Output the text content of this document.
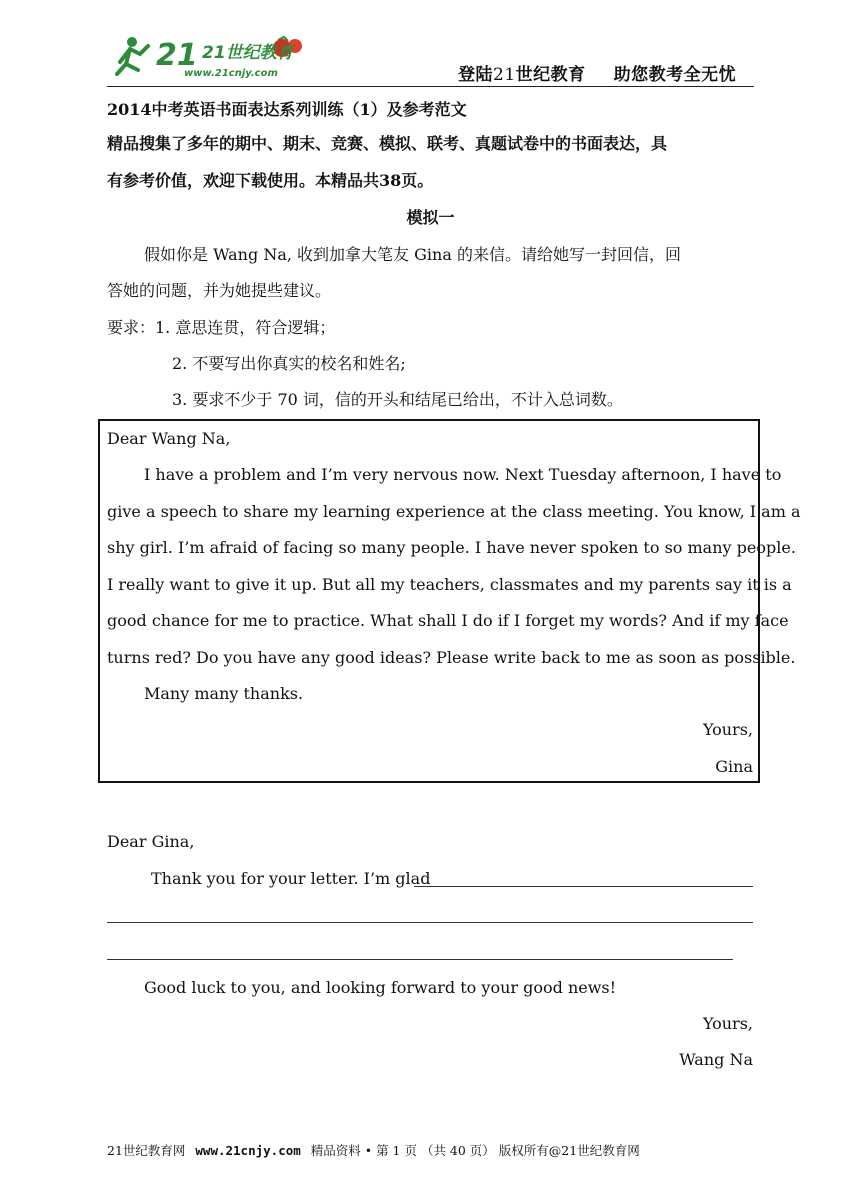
21
www.21cnjy.com
21世纪教育
登陆21世纪教育 助您教考全无忧
2014中考英语书面表达系列训练（1）及参考范文
精品搜集了多年的期中、期末、竞赛、模拟、联考、真题试卷中的书面表达，具
有参考价值，欢迎下载使用。本精品共38页。
模拟一
假如你是 Wang Na, 收到加拿大笔友 Gina 的来信。请给她写一封回信，回
答她的问题，并为她提些建议。
要求：1. 意思连贯，符合逻辑；
2. 不要写出你真实的校名和姓名;
3. 要求不少于 70 词，信的开头和结尾已给出，不计入总词数。
Dear Wang Na,
I have a problem and I’m very nervous now. Next Tuesday afternoon, I have to
give a speech to share my learning experience at the class meeting. You know, I am a
shy girl. I’m afraid of facing so many people. I have never spoken to so many people.
I really want to give it up. But all my teachers, classmates and my parents say it is a
good chance for me to practice. What shall I do if I forget my words? And if my face
turns red? Do you have any good ideas? Please write back to me as soon as possible.
Many many thanks.
Yours,
Gina
Dear Gina,
Thank you for your letter. I’m glad
Good luck to you, and looking forward to your good news!
Yours,
Wang Na
21世纪教育网 www.21cnjy.com 精品资料 • 第 1 页 （共 40 页） 版权所有@21世纪教育网
